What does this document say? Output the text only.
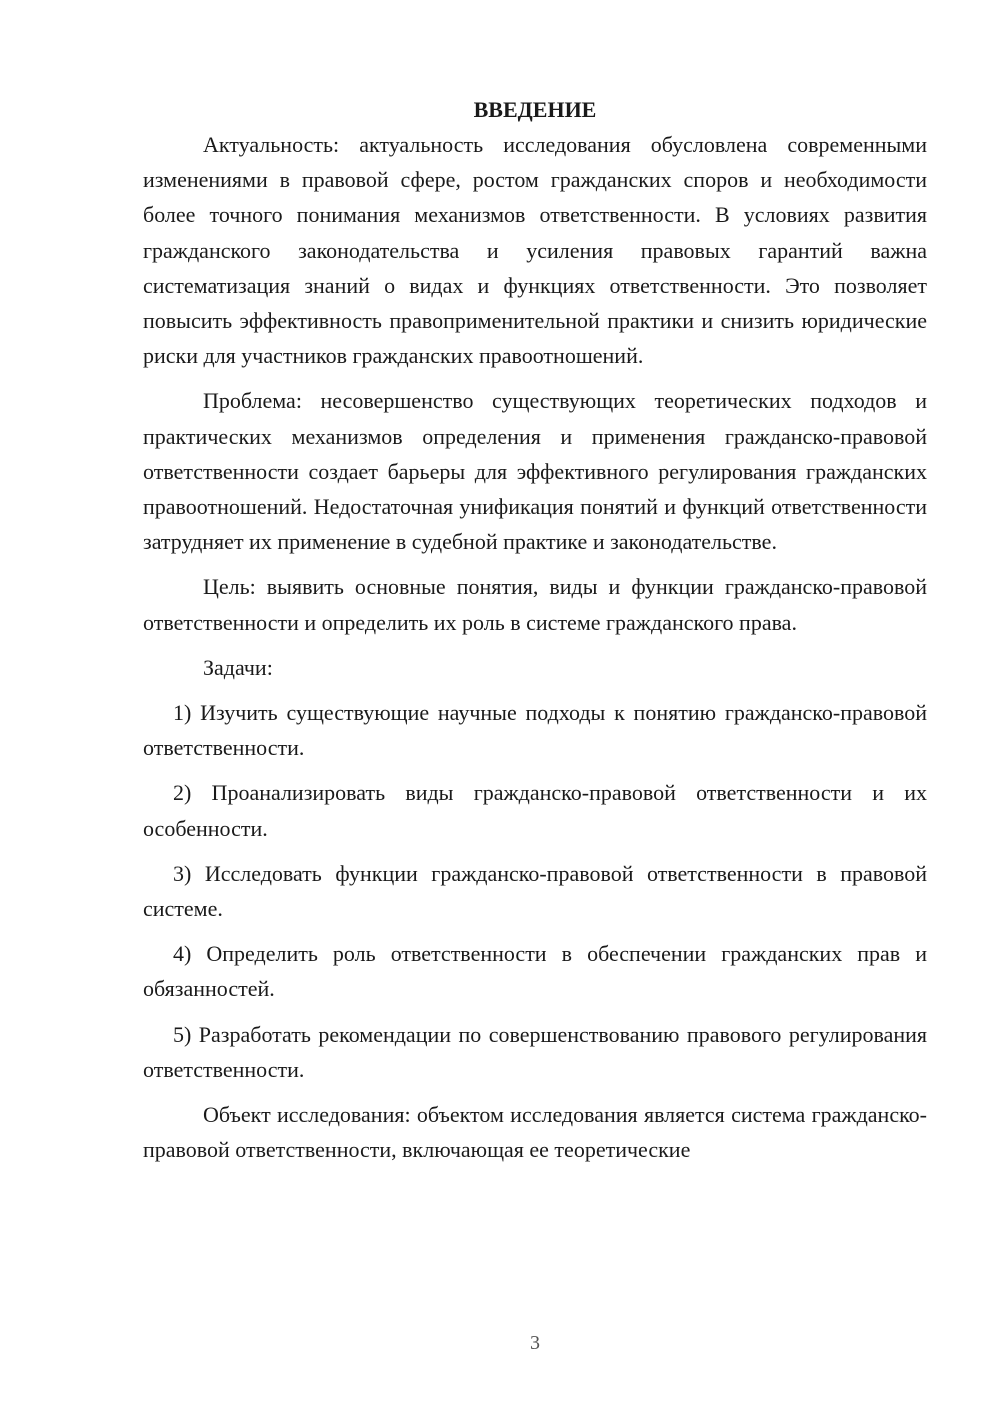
ВВЕДЕНИЕ

Актуальность: актуальность исследования обусловлена современными изменениями в правовой сфере, ростом гражданских споров и необходимости более точного понимания механизмов ответственности. В условиях развития гражданского законодательства и усиления правовых гарантий важна систематизация знаний о видах и функциях ответственности. Это позволяет повысить эффективность правоприменительной практики и снизить юридические риски для участников гражданских правоотношений.

Проблема: несовершенство существующих теоретических подходов и практических механизмов определения и применения гражданско-правовой ответственности создает барьеры для эффективного регулирования гражданских правоотношений. Недостаточная унификация понятий и функций ответственности затрудняет их применение в судебной практике и законодательстве.

Цель: выявить основные понятия, виды и функции гражданско-правовой ответственности и определить их роль в системе гражданского права.

Задачи:

1) Изучить существующие научные подходы к понятию гражданско-правовой ответственности.

2) Проанализировать виды гражданско-правовой ответственности и их особенности.

3) Исследовать функции гражданско-правовой ответственности в правовой системе.

4) Определить роль ответственности в обеспечении гражданских прав и обязанностей.

5) Разработать рекомендации по совершенствованию правового регулирования ответственности.

Объект исследования: объектом исследования является система гражданско-правовой ответственности, включающая ее теоретические

3
